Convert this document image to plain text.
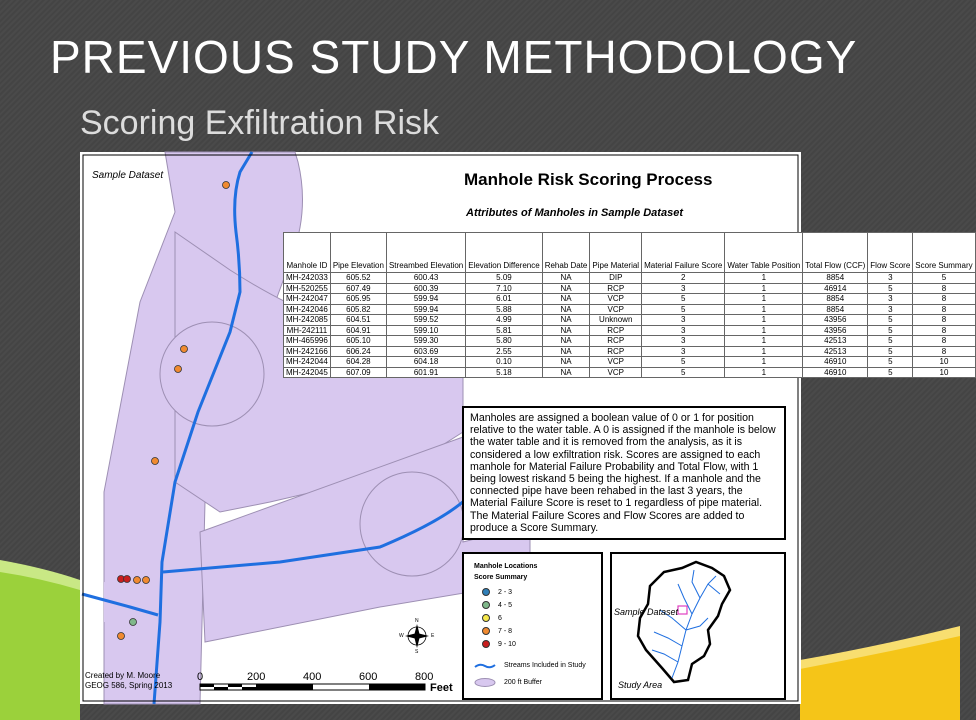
PREVIOUS STUDY METHODOLOGY
Scoring Exfiltration Risk
Sample Dataset
N
S
E
W
Manhole Risk Scoring Process
Attributes of Manholes in Sample Dataset
Manhole ID	Pipe Elevation	Streambed Elevation	Elevation Difference	Rehab Date	Pipe Material	Material Failure Score	Water Table Position	Total Flow (CCF)	Flow Score	Score Summary
MH-242033	605.52	600.43	5.09	NA	DIP	2	1	8854	3	5
MH-520255	607.49	600.39	7.10	NA	RCP	3	1	46914	5	8
MH-242047	605.95	599.94	6.01	NA	VCP	5	1	8854	3	8
MH-242046	605.82	599.94	5.88	NA	VCP	5	1	8854	3	8
MH-242085	604.51	599.52	4.99	NA	Unknown	3	1	43956	5	8
MH-242111	604.91	599.10	5.81	NA	RCP	3	1	43956	5	8
MH-465996	605.10	599.30	5.80	NA	RCP	3	1	42513	5	8
MH-242166	606.24	603.69	2.55	NA	RCP	3	1	42513	5	8
MH-242044	604.28	604.18	0.10	NA	VCP	5	1	46910	5	10
MH-242045	607.09	601.91	5.18	NA	VCP	5	1	46910	5	10
Manholes are assigned a boolean value of 0 or 1 for position relative to the water table. A 0 is assigned if the manhole is below the water table and it is removed from the analysis, as it is considered a low exfiltration risk. Scores are assigned to each manhole for Material Failure Probability and Total Flow, with 1 being lowest riskand 5 being the highest. If a manhole and the connected pipe have been rehabed in the last 3 years, the Material Failure Score is reset to 1 regardless of pipe material. The Material Failure Scores and Flow Scores are added to produce a Score Summary.
Manhole Locations
Score Summary
2 - 3
4 - 5
6
7 - 8
9 - 10
Streams Included in Study
200 ft Buffer
Sample Dataset
Study Area
Created by M. Moore
GEOG 586, Spring 2013
0	200	400	600	800
Feet
